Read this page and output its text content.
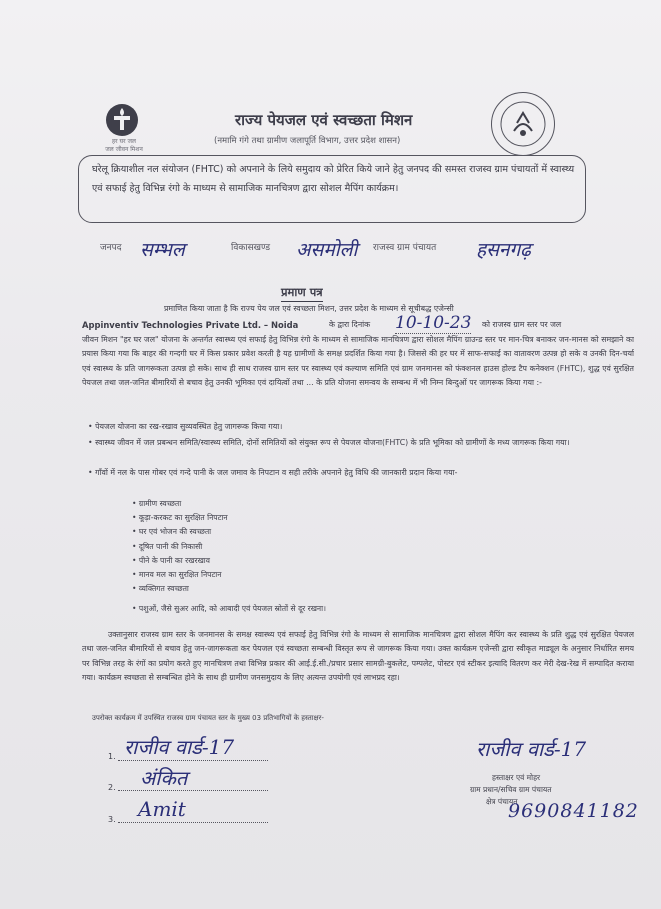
हर घर जल
जल जीवन मिशन
राज्य पेयजल एवं स्वच्छता मिशन
(नमामि गंगे तथा ग्रामीण जलापूर्ति विभाग, उत्तर प्रदेश शासन)
घरेलू क्रियाशील नल संयोजन (FHTC) को अपनाने के लिये समुदाय को प्रेरित किये जाने हेतु जनपद की समस्त राजस्व ग्राम पंचायतों में स्वास्थ्य एवं सफाई हेतु विभिन्न रंगो के माध्यम से सामाजिक मानचित्रण द्वारा सोशल मैपिंग कार्यक्रम।
जनपद सम्भल	विकासखण्ड असमोली राजस्व ग्राम पंचायत हसनगढ़
प्रमाण पत्र
प्रमाणित किया जाता है कि राज्य पेय जल एवं स्वच्छता मिशन, उत्तर प्रदेश के माध्यम से सूचीबद्ध एजेन्सी
Appinventiv Technologies Private Ltd. – Noida	के द्वारा दिनांक	10-10-23 को राजस्व ग्राम स्तर पर जल
जीवन मिशन "हर घर जल" योजना के अन्तर्गत स्वास्थ्य एवं सफाई हेतु विभिन्न रंगो के माध्यम से सामाजिक मानचित्रण द्वारा सोशल मैपिंग ग्राउन्ड स्तर पर मान-चित्र बनाकर जन-मानस को समझाने का प्रयास किया गया कि बाहर की गन्दगी घर में किस प्रकार प्रवेश करती है यह ग्रामीणों के समक्ष प्रदर्शित किया गया है। जिससे की हर घर में साफ-सफाई का वातावरण उत्पन्न हो सके व उनकी दिन-चर्या एवं स्वास्थ्य के प्रति जागरूकता उत्पन्न हो सके। साथ ही साथ राजस्व ग्राम स्तर पर स्वास्थ्य एवं कल्याण समिति एवं ग्राम जनमानस को फंक्शनल हाउस होल्ड टैप कनेक्शन (FHTC), शुद्ध एवं सुरक्षित पेयजल तथा जल-जनित बीमारियों से बचाव हेतु उनकी भूमिका एवं दायित्वों तथा ... के प्रति योजना समन्वय के सम्बन्ध में भी निम्न बिन्दुओं पर जागरूक किया गया :-
• पेयजल योजना का रख-रखाव सुव्यवस्थित हेतु जागरूक किया गया।
• स्वास्थ्य जीवन में जल प्रबन्धन समिति/स्वास्थ्य समिति, दोनों समितियों को संयुक्त रूप से पेयजल योजना(FHTC) के प्रति भूमिका को ग्रामीणों के मध्य जागरूक किया गया।
• गाँवों में नल के पास गोबर एवं गन्दे पानी के जल जमाव के निपटान व सही तरीके अपनाने हेतु विधि की जानकारी प्रदान किया गया-
• ग्रामीण स्वच्छता
• कूड़ा-करकट का सुरक्षित निपटान
• घर एवं भोजन की स्वच्छता
• दूषित पानी की निकासी
• पीने के पानी का रखरखाव
• मानव मल का सुरक्षित निपटान
• व्यक्तिगत स्वच्छता
• पशुओं, जैसे सुअर आदि, को आबादी एवं पेयजल स्रोतों से दूर रखना।
उक्तानुसार राजस्व ग्राम स्तर के जनमानस के समक्ष स्वास्थ्य एवं सफाई हेतु विभिन्न रंगो के माध्यम से सामाजिक मानचित्रण द्वारा सोशल मैपिंग कर स्वास्थ्य के प्रति शुद्ध एवं सुरक्षित पेयजल तथा जल-जनित बीमारियों से बचाव हेतु जन-जागरूकता कर पेयजल एवं स्वच्छता सम्बन्धी विस्तृत रूप से जागरूक किया गया। उक्त कार्यक्रम एजेन्सी द्वारा स्वीकृत माड्यूल के अनुसार निर्धारित समय पर विभिन्न तरह के रंगों का प्रयोग करते हुए मानचित्रण तथा विभिन्न प्रकार की आई.ई.सी./प्रचार प्रसार सामग्री-बुकलेट, पम्पलेट, पोस्टर एवं स्टीकर इत्यादि वितरण कर मेरी देख-रेख में सम्पादित कराया गया। कार्यक्रम स्वच्छता से सम्बन्धित होने के साथ ही ग्रामीण जनसमुदाय के लिए अत्यन्त उपयोगी एवं लाभप्रद रहा।
उपरोक्त कार्यक्रम में उपस्थित राजस्व ग्राम पंचायत स्तर के मुख्य 03 प्रतिभागियों के हस्ताक्षर-
1. राजीव वार्ड-17
2. अंकित
3. Amit
राजीव वार्ड-17
हस्ताक्षर एवं मोहर
ग्राम प्रधान/सचिव ग्राम पंचायत
क्षेत्र पंचायत
9690841182
